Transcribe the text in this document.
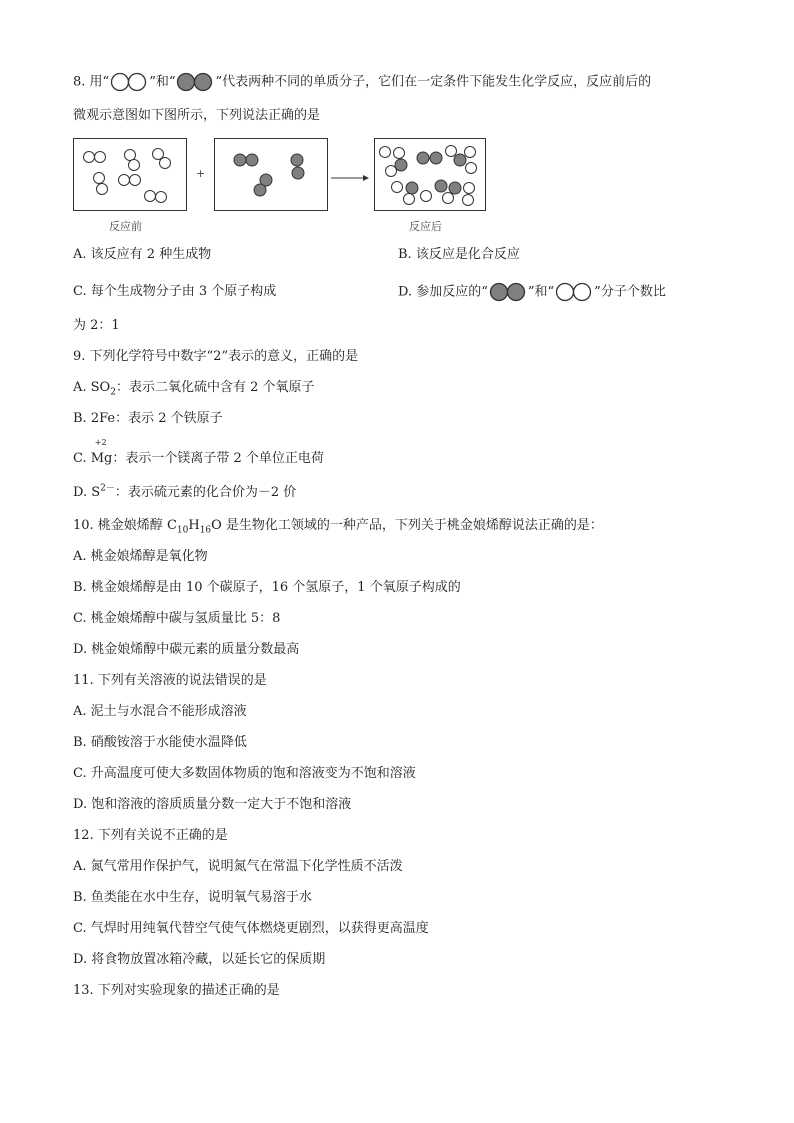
8. 用“	”和“	”代表两种不同的单质分子，它们在一定条件下能发生化学反应，反应前后的
微观示意图如下图所示，下列说法正确的是
+
反应前	反应后
A. 该反应有 2 种生成物	B. 该反应是化合反应
C. 每个生成物分子由 3 个原子构成	D. 参加反应的“	”和“	”分子个数比
为 2：1
9. 下列化学符号中数字“2”表示的意义，正确的是
A. $SO_2$：表示二氧化硫中含有 2 个氧原子
B. 2Fe：表示 2 个铁原子
C.
+2
Mg：表示一个镁离子带 2 个单位正电荷
D. $S^{2-}$：表示硫元素的化合价为－2 价
10. 桃金娘烯醇 $C_{10}H_{16}O$ 是生物化工领域的一种产品，下列关于桃金娘烯醇说法正确的是：
A. 桃金娘烯醇是氧化物
B. 桃金娘烯醇是由 10 个碳原子，16 个氢原子，1 个氧原子构成的
C. 桃金娘烯醇中碳与氢质量比 5：8
D. 桃金娘烯醇中碳元素的质量分数最高
11. 下列有关溶液的说法错误的是
A. 泥土与水混合不能形成溶液
B. 硝酸铵溶于水能使水温降低
C. 升高温度可使大多数固体物质的饱和溶液变为不饱和溶液
D. 饱和溶液的溶质质量分数一定大于不饱和溶液
12. 下列有关说不正确的是
A. 氮气常用作保护气，说明氮气在常温下化学性质不活泼
B. 鱼类能在水中生存，说明氧气易溶于水
C. 气焊时用纯氧代替空气使气体燃烧更剧烈，以获得更高温度
D. 将食物放置冰箱冷藏，以延长它的保质期
13. 下列对实验现象的描述正确的是
